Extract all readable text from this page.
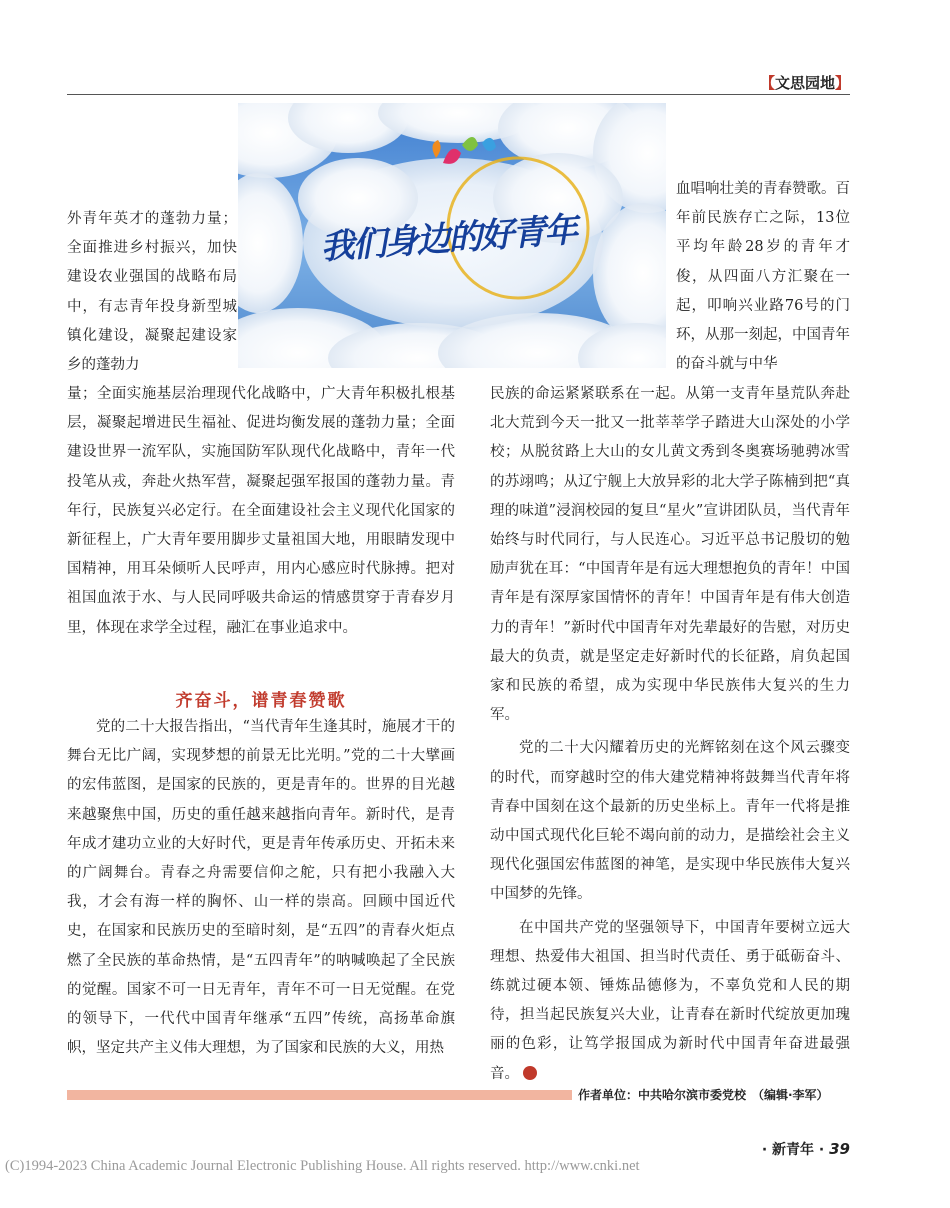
【文思园地】
我们身边的好青年

血唱响壮美的青春赞歌。百年前民族存亡之际，13位平均年龄28岁的青年才俊，从四面八方汇聚在一起，叩响兴业路76号的门环，从那一刻起，中国青年的奋斗就与中华

外青年英才的蓬勃力量；全面推进乡村振兴，加快建设农业强国的战略布局中，有志青年投身新型城镇化建设，凝聚起建设家乡的蓬勃力

量；全面实施基层治理现代化战略中，广大青年积极扎根基层，凝聚起增进民生福祉、促进均衡发展的蓬勃力量；全面建设世界一流军队，实施国防军队现代化战略中，青年一代投笔从戎，奔赴火热军营，凝聚起强军报国的蓬勃力量。青年行，民族复兴必定行。在全面建设社会主义现代化国家的新征程上，广大青年要用脚步丈量祖国大地，用眼睛发现中国精神，用耳朵倾听人民呼声，用内心感应时代脉搏。把对祖国血浓于水、与人民同呼吸共命运的情感贯穿于青春岁月里，体现在求学全过程，融汇在事业追求中。

齐奋斗，谱青春赞歌

党的二十大报告指出，“当代青年生逢其时，施展才干的舞台无比广阔，实现梦想的前景无比光明。”党的二十大擘画的宏伟蓝图，是国家的民族的，更是青年的。世界的目光越来越聚焦中国，历史的重任越来越指向青年。新时代，是青年成才建功立业的大好时代，更是青年传承历史、开拓未来的广阔舞台。青春之舟需要信仰之舵，只有把小我融入大我，才会有海一样的胸怀、山一样的崇高。回顾中国近代史，在国家和民族历史的至暗时刻，是“五四”的青春火炬点燃了全民族的革命热情，是“五四青年”的呐喊唤起了全民族的觉醒。国家不可一日无青年，青年不可一日无觉醒。在党的领导下，一代代中国青年继承“五四”传统，高扬革命旗帜，坚定共产主义伟大理想，为了国家和民族的大义，用热

民族的命运紧紧联系在一起。从第一支青年垦荒队奔赴北大荒到今天一批又一批莘莘学子踏进大山深处的小学校；从脱贫路上大山的女儿黄文秀到冬奥赛场驰骋冰雪的苏翊鸣；从辽宁舰上大放异彩的北大学子陈楠到把“真理的味道”浸润校园的复旦“星火”宣讲团队员，当代青年始终与时代同行，与人民连心。习近平总书记殷切的勉励声犹在耳：“中国青年是有远大理想抱负的青年！中国青年是有深厚家国情怀的青年！中国青年是有伟大创造力的青年！”新时代中国青年对先辈最好的告慰，对历史最大的负责，就是坚定走好新时代的长征路，肩负起国家和民族的希望，成为实现中华民族伟大复兴的生力军。

党的二十大闪耀着历史的光辉铭刻在这个风云骤变的时代，而穿越时空的伟大建党精神将鼓舞当代青年将青春中国刻在这个最新的历史坐标上。青年一代将是推动中国式现代化巨轮不竭向前的动力，是描绘社会主义现代化强国宏伟蓝图的神笔，是实现中华民族伟大复兴中国梦的先锋。

在中国共产党的坚强领导下，中国青年要树立远大理想、热爱伟大祖国、担当时代责任、勇于砥砺奋斗、练就过硬本领、锤炼品德修为，不辜负党和人民的期待，担当起民族复兴大业，让青春在新时代绽放更加瑰丽的色彩，让笃学报国成为新时代中国青年奋进最强音。

作者单位：中共哈尔滨市委党校　（编辑·李军）
· 新青年 · 39
(C)1994-2023 China Academic Journal Electronic Publishing House. All rights reserved. http://www.cnki.net
